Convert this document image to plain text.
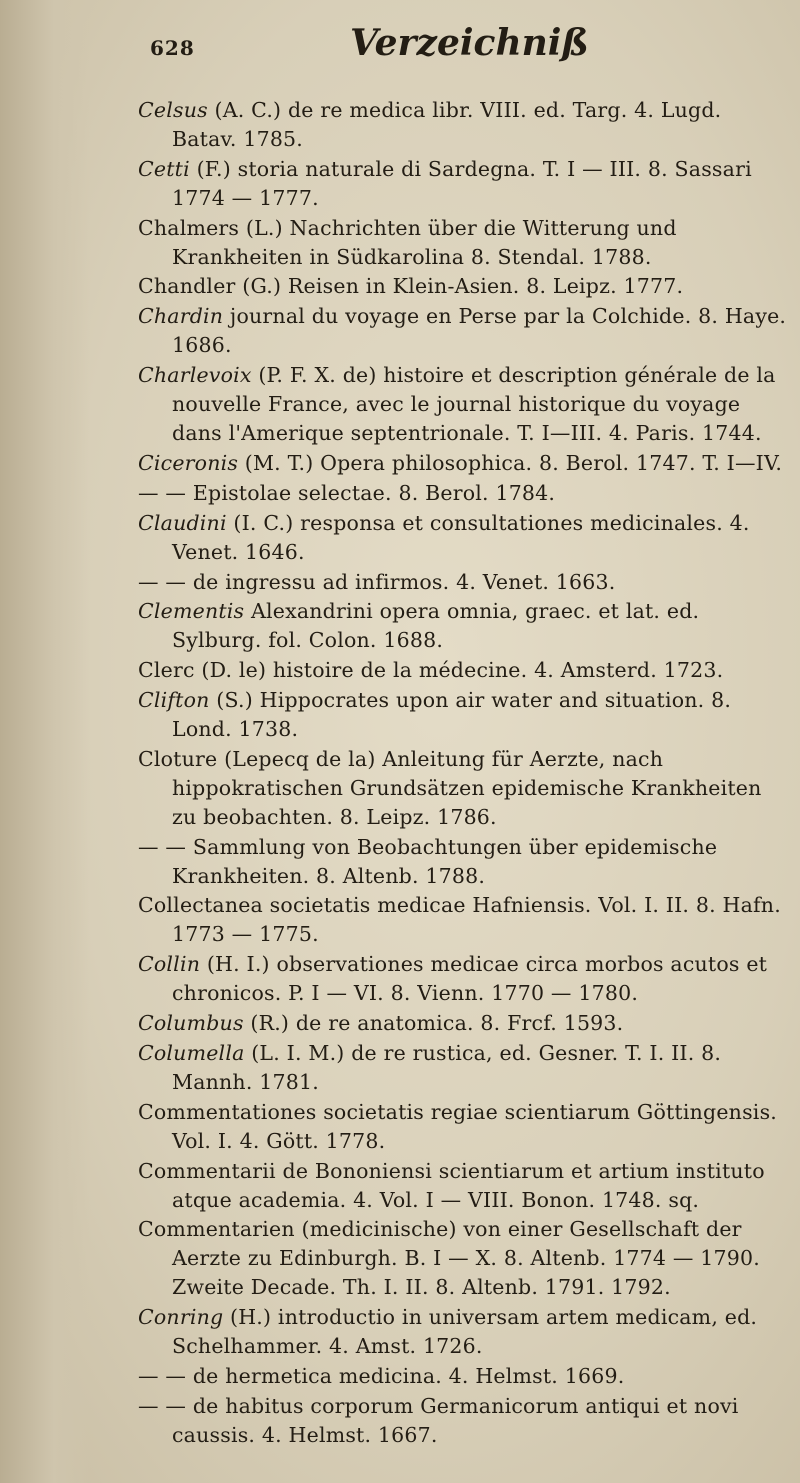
628	Verzeichniß

Celsus (A. C.) de re medica libr. VIII. ed. Targ. 4. Lugd. Batav. 1785.

Cetti (F.) storia naturale di Sardegna. T. I — III. 8. Sassari 1774 — 1777.

Chalmers (L.) Nachrichten über die Witterung und Krankheiten in Südkarolina 8. Stendal. 1788.

Chandler (G.) Reisen in Klein-Asien. 8. Leipz. 1777.

Chardin journal du voyage en Perse par la Colchide. 8. Haye. 1686.

Charlevoix (P. F. X. de) histoire et description générale de la nouvelle France, avec le journal historique du voyage dans l'Amerique septentrionale. T. I—III. 4. Paris. 1744.

Ciceronis (M. T.) Opera philosophica. 8. Berol. 1747. T. I—IV.

— — Epistolae selectae. 8. Berol. 1784.

Claudini (I. C.) responsa et consultationes medicinales. 4. Venet. 1646.

— — de ingressu ad infirmos. 4. Venet. 1663.

Clementis Alexandrini opera omnia, graec. et lat. ed. Sylburg. fol. Colon. 1688.

Clerc (D. le) histoire de la médecine. 4. Amsterd. 1723.

Clifton (S.) Hippocrates upon air water and situation. 8. Lond. 1738.

Cloture (Lepecq de la) Anleitung für Aerzte, nach hippokratischen Grundsätzen epidemische Krankheiten zu beobachten. 8. Leipz. 1786.

— — Sammlung von Beobachtungen über epidemische Krankheiten. 8. Altenb. 1788.

Collectanea societatis medicae Hafniensis. Vol. I. II. 8. Hafn. 1773 — 1775.

Collin (H. I.) observationes medicae circa morbos acutos et chronicos. P. I — VI. 8. Vienn. 1770 — 1780.

Columbus (R.) de re anatomica. 8. Frcf. 1593.

Columella (L. I. M.) de re rustica, ed. Gesner. T. I. II. 8. Mannh. 1781.

Commentationes societatis regiae scientiarum Göttingensis. Vol. I. 4. Gött. 1778.

Commentarii de Bononiensi scientiarum et artium instituto atque academia. 4. Vol. I — VIII. Bonon. 1748. sq.

Commentarien (medicinische) von einer Gesellschaft der Aerzte zu Edinburgh. B. I — X. 8. Altenb. 1774 — 1790. Zweite Decade. Th. I. II. 8. Altenb. 1791. 1792.

Conring (H.) introductio in universam artem medicam, ed. Schelhammer. 4. Amst. 1726.

— — de hermetica medicina. 4. Helmst. 1669.

— — de habitus corporum Germanicorum antiqui et novi caussis. 4. Helmst. 1667.
